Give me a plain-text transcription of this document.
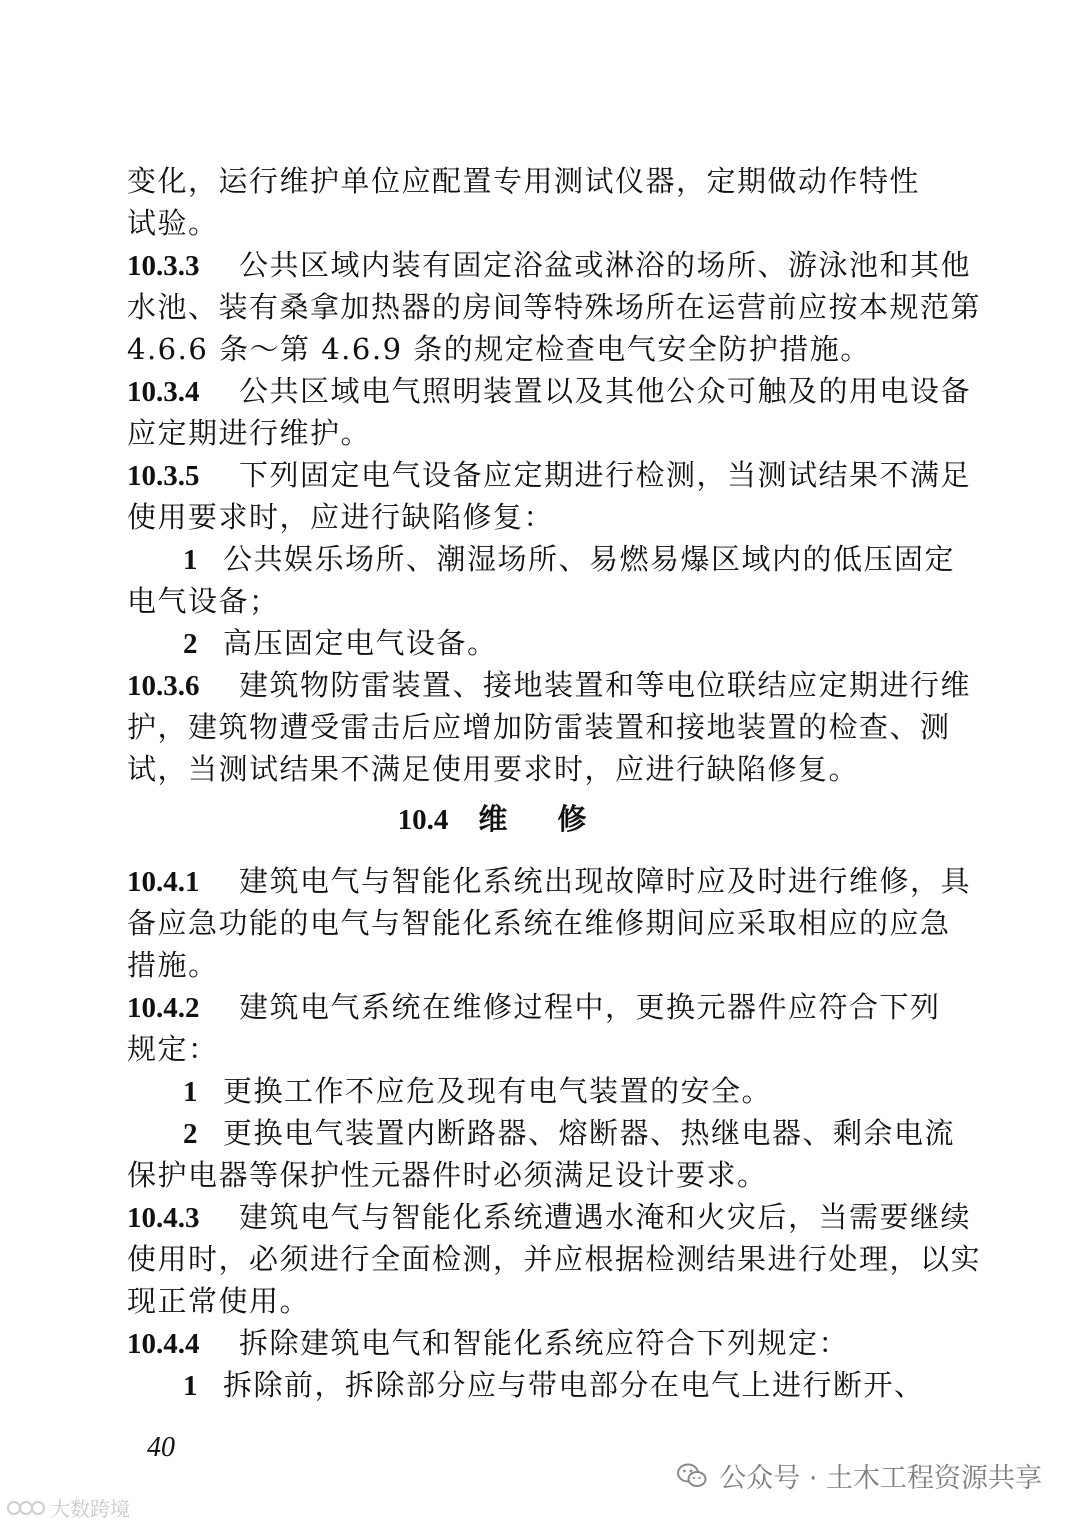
变化，运行维护单位应配置专用测试仪器，定期做动作特性
试验。
10.3.3 公共区域内装有固定浴盆或淋浴的场所、游泳池和其他
水池、装有桑拿加热器的房间等特殊场所在运营前应按本规范第
4.6.6 条～第 4.6.9 条的规定检查电气安全防护措施。
10.3.4 公共区域电气照明装置以及其他公众可触及的用电设备
应定期进行维护。
10.3.5 下列固定电气设备应定期进行检测，当测试结果不满足
使用要求时，应进行缺陷修复：
1 公共娱乐场所、潮湿场所、易燃易爆区域内的低压固定
电气设备；
2 高压固定电气设备。
10.3.6 建筑物防雷装置、接地装置和等电位联结应定期进行维
护，建筑物遭受雷击后应增加防雷装置和接地装置的检查、测
试，当测试结果不满足使用要求时，应进行缺陷修复。
10.4 维修
10.4.1 建筑电气与智能化系统出现故障时应及时进行维修，具
备应急功能的电气与智能化系统在维修期间应采取相应的应急
措施。
10.4.2 建筑电气系统在维修过程中，更换元器件应符合下列
规定：
1 更换工作不应危及现有电气装置的安全。
2 更换电气装置内断路器、熔断器、热继电器、剩余电流
保护电器等保护性元器件时必须满足设计要求。
10.4.3 建筑电气与智能化系统遭遇水淹和火灾后，当需要继续
使用时，必须进行全面检测，并应根据检测结果进行处理，以实
现正常使用。
10.4.4 拆除建筑电气和智能化系统应符合下列规定：
1 拆除前，拆除部分应与带电部分在电气上进行断开、
40
公众号 · 土木工程资源共享
大数跨境
